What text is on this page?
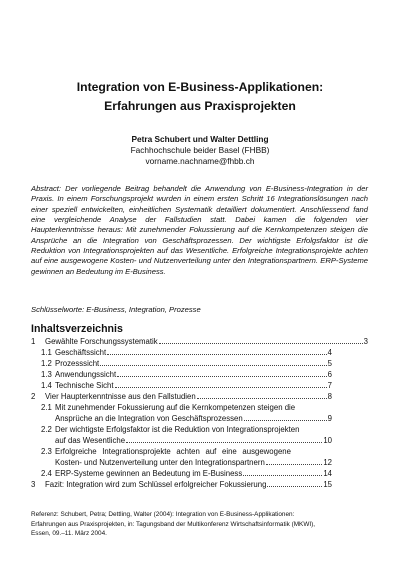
Integration von E-Business-Applikationen:
Erfahrungen aus Praxisprojekten
Petra Schubert und Walter Dettling
Fachhochschule beider Basel (FHBB)
vorname.nachname@fhbb.ch

Abstract: Der vorliegende Beitrag behandelt die Anwendung von E-Business-Integration in der Praxis. In einem Forschungsprojekt wurden in einem ersten Schritt 16 Integrationslösungen nach einer speziell entwickelten, einheitlichen Systematik detailliert dokumentiert. Anschliessend fand eine vergleichende Analyse der Fallstudien statt. Dabei kamen die folgenden vier Haupterkenntnisse heraus: Mit zunehmender Fokussierung auf die Kernkompetenzen steigen die Ansprüche an die Integration von Geschäftsprozessen. Der wichtigste Erfolgsfaktor ist die Reduktion von Integrationsprojekten auf das Wesentliche. Erfolgreiche Integrationsprojekte achten auf eine ausgewogene Kosten- und Nutzenverteilung unter den Integrationspartnern. ERP-Systeme gewinnen an Bedeutung im E-Business.

Schlüsselworte: E-Business, Integration, Prozesse

Inhaltsverzeichnis
1	Gewählte Forschungssystematik	3
1.1 Geschäftssicht	4
1.2 Prozesssicht	5
1.3 Anwendungssicht	6
1.4 Technische Sicht	7
2	Vier Haupterkenntnisse aus den Fallstudien	8
2.1 Mit zunehmender Fokussierung auf die Kernkompetenzen steigen die
Ansprüche an die Integration von Geschäftsprozessen	9
2.2 Der wichtigste Erfolgsfaktor ist die Reduktion von Integrationsprojekten
auf das Wesentliche	10
2.3 Erfolgreiche Integrationsprojekte achten auf eine ausgewogene
Kosten- und Nutzenverteilung unter den Integrationspartnern	12
2.4 ERP-Systeme gewinnen an Bedeutung im E-Business	14
3	Fazit: Integration wird zum Schlüssel erfolgreicher Fokussierung	15
Referenz: Schubert, Petra; Dettling, Walter (2004): Integration von E-Business-Applikationen:
Erfahrungen aus Praxisprojekten, in: Tagungsband der Multikonferenz Wirtschaftsinformatik (MKWI),
Essen, 09.–11. März 2004.
